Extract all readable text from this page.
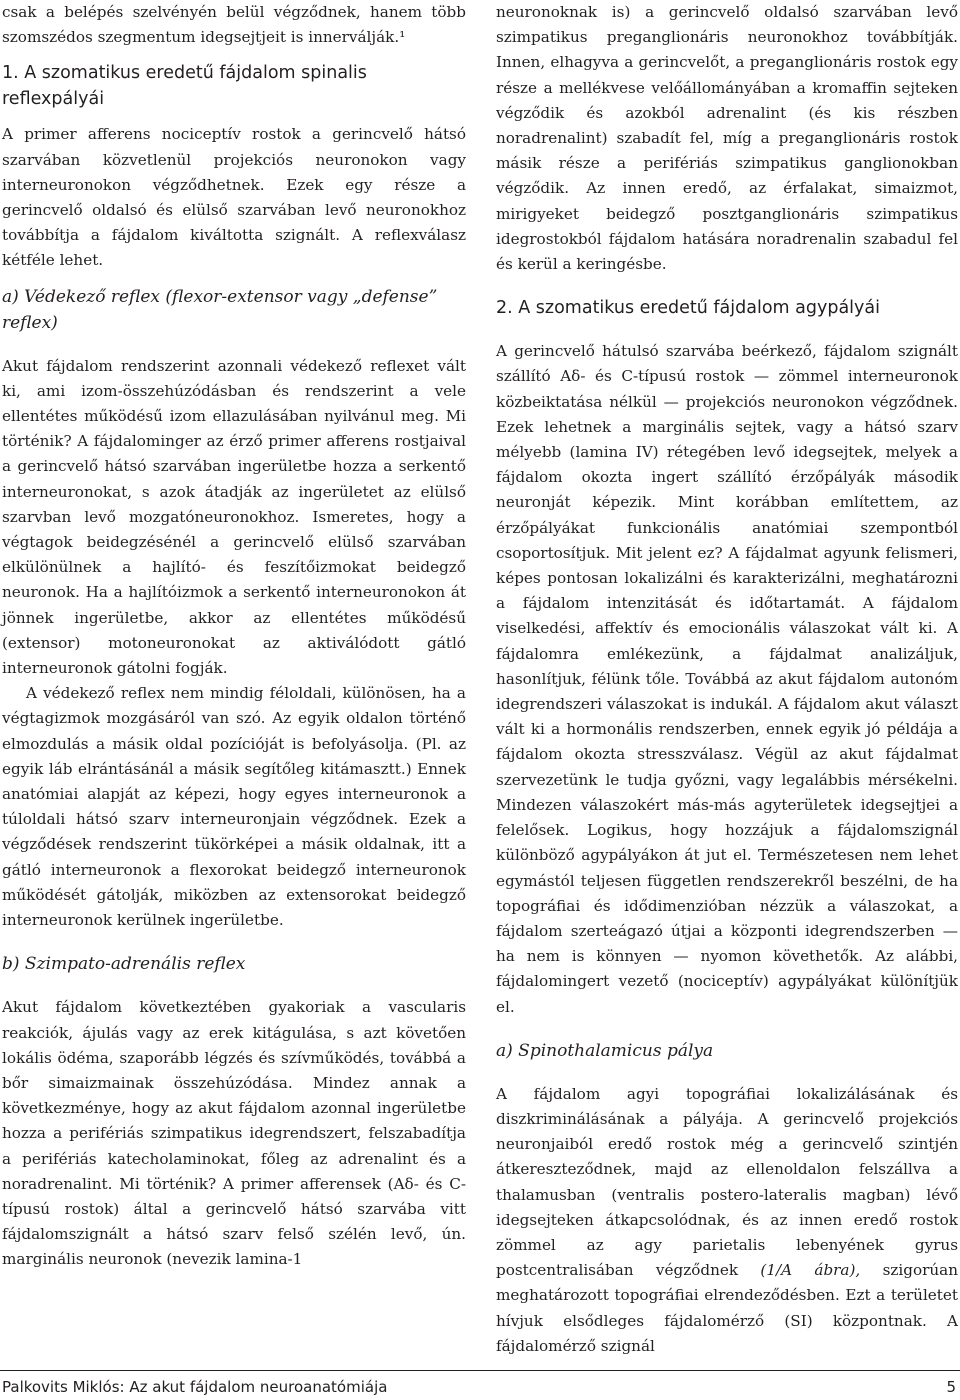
csak a belépés szelvényén belül végződnek, hanem több szomszédos szegmentum idegsejtjeit is innerválják.¹

1. A szomatikus eredetű fájdalom spinalis reflexpályái

A primer afferens nociceptív rostok a gerincvelő hátsó szarvában közvetlenül projekciós neuronokon vagy interneuronokon végződhetnek. Ezek egy része a gerincvelő oldalsó és elülső szarvában levő neuronokhoz továbbítja a fájdalom kiváltotta szignált. A reflexválasz kétféle lehet.

a) Védekező reflex (flexor-extensor vagy „defense” reflex)

Akut fájdalom rendszerint azonnali védekező reflexet vált ki, ami izom-összehúzódásban és rendszerint a vele ellentétes működésű izom ellazulásában nyilvánul meg. Mi történik? A fájdalominger az érző primer afferens rostjaival a gerincvelő hátsó szarvában ingerületbe hozza a serkentő interneuronokat, s azok átadják az ingerületet az elülső szarvban levő mozgatóneuronokhoz. Ismeretes, hogy a végtagok beidegzésénél a gerincvelő elülső szarvában elkülönülnek a hajlító- és feszítőizmokat beidegző neuronok. Ha a hajlítóizmok a serkentő interneuronokon át jönnek ingerületbe, akkor az ellentétes működésű (extensor) motoneuronokat az aktiválódott gátló interneuronok gátolni fogják.

A védekező reflex nem mindig féloldali, különösen, ha a végtagizmok mozgásáról van szó. Az egyik oldalon történő elmozdulás a másik oldal pozícióját is befolyásolja. (Pl. az egyik láb elrántásánál a másik segítőleg kitámasztt.) Ennek anatómiai alapját az képezi, hogy egyes interneuronok a túloldali hátsó szarv interneuronjain végződnek. Ezek a végződések rendszerint tükörképei a másik oldalnak, itt a gátló interneuronok a flexorokat beidegző interneuronok működését gátolják, miközben az extensorokat beidegző interneuronok kerülnek ingerületbe.

b) Szimpato-adrenális reflex

Akut fájdalom következtében gyakoriak a vascularis reakciók, ájulás vagy az erek kitágulása, s azt követően lokális ödéma, szaporább légzés és szívműködés, továbbá a bőr simaizmainak összehúzódása. Mindez annak a következménye, hogy az akut fájdalom azonnal ingerületbe hozza a perifériás szimpatikus idegrendszert, felszabadítja a perifériás katecholaminokat, főleg az adrenalint és a noradrenalint. Mi történik? A primer afferensek (Aδ- és C-típusú rostok) által a gerincvelő hátsó szarvába vitt fájdalomszignált a hátsó szarv felső szélén levő, ún. marginális neuronok (nevezik lamina-1

neuronoknak is) a gerincvelő oldalsó szarvában levő szimpatikus preganglionáris neuronokhoz továbbítják. Innen, elhagyva a gerincvelőt, a preganglionáris rostok egy része a mellékvese velőállományában a kromaffin sejteken végződik és azokból adrenalint (és kis részben noradrenalint) szabadít fel, míg a preganglionáris rostok másik része a perifériás szimpatikus ganglionokban végződik. Az innen eredő, az érfalakat, simaizmot, mirigyeket beidegző posztganglionáris szimpatikus idegrostokból fájdalom hatására noradrenalin szabadul fel és kerül a keringésbe.

2. A szomatikus eredetű fájdalom agypályái

A gerincvelő hátulsó szarvába beérkező, fájdalom szignált szállító Aδ- és C-típusú rostok — zömmel interneuronok közbeiktatása nélkül — projekciós neuronokon végződnek. Ezek lehetnek a marginális sejtek, vagy a hátsó szarv mélyebb (lamina IV) rétegében levő idegsejtek, melyek a fájdalom okozta ingert szállító érzőpályák második neuronját képezik. Mint korábban említettem, az érzőpályákat funkcionális anatómiai szempontból csoportosítjuk. Mit jelent ez? A fájdalmat agyunk felismeri, képes pontosan lokalizálni és karakterizálni, meghatározni a fájdalom intenzitását és időtartamát. A fájdalom viselkedési, affektív és emocionális válaszokat vált ki. A fájdalomra emlékezünk, a fájdalmat analizáljuk, hasonlítjuk, félünk tőle. Továbbá az akut fájdalom autonóm idegrendszeri válaszokat is indukál. A fájdalom akut választ vált ki a hormonális rendszerben, ennek egyik jó példája a fájdalom okozta stresszválasz. Végül az akut fájdalmat szervezetünk le tudja győzni, vagy legalábbis mérsékelni. Mindezen válaszokért más-más agyterületek idegsejtjei a felelősek. Logikus, hogy hozzájuk a fájdalomszignál különböző agypályákon át jut el. Természetesen nem lehet egymástól teljesen független rendszerekről beszélni, de ha topográfiai és idődimenzióban nézzük a válaszokat, a fájdalom szerteágazó útjai a központi idegrendszerben — ha nem is könnyen — nyomon követhetők. Az alábbi, fájdalomingert vezető (nociceptív) agypályákat különítjük el.

a) Spinothalamicus pálya

A fájdalom agyi topográfiai lokalizálásának és diszkriminálásának a pályája. A gerincvelő projekciós neuronjaiból eredő rostok még a gerincvelő szintjén átkereszteződnek, majd az ellenoldalon felszállva a thalamusban (ventralis postero-lateralis magban) lévő idegsejteken átkapcsolódnak, és az innen eredő rostok zömmel az agy parietalis lebenyének gyrus postcentralisában végződnek (1/A ábra), szigorúan meghatározott topográfiai elrendeződésben. Ezt a területet hívjuk elsődleges fájdalomérző (SI) központnak. A fájdalomérző szignál

Palkovits Miklós: Az akut fájdalom neuroanatómiája	5
